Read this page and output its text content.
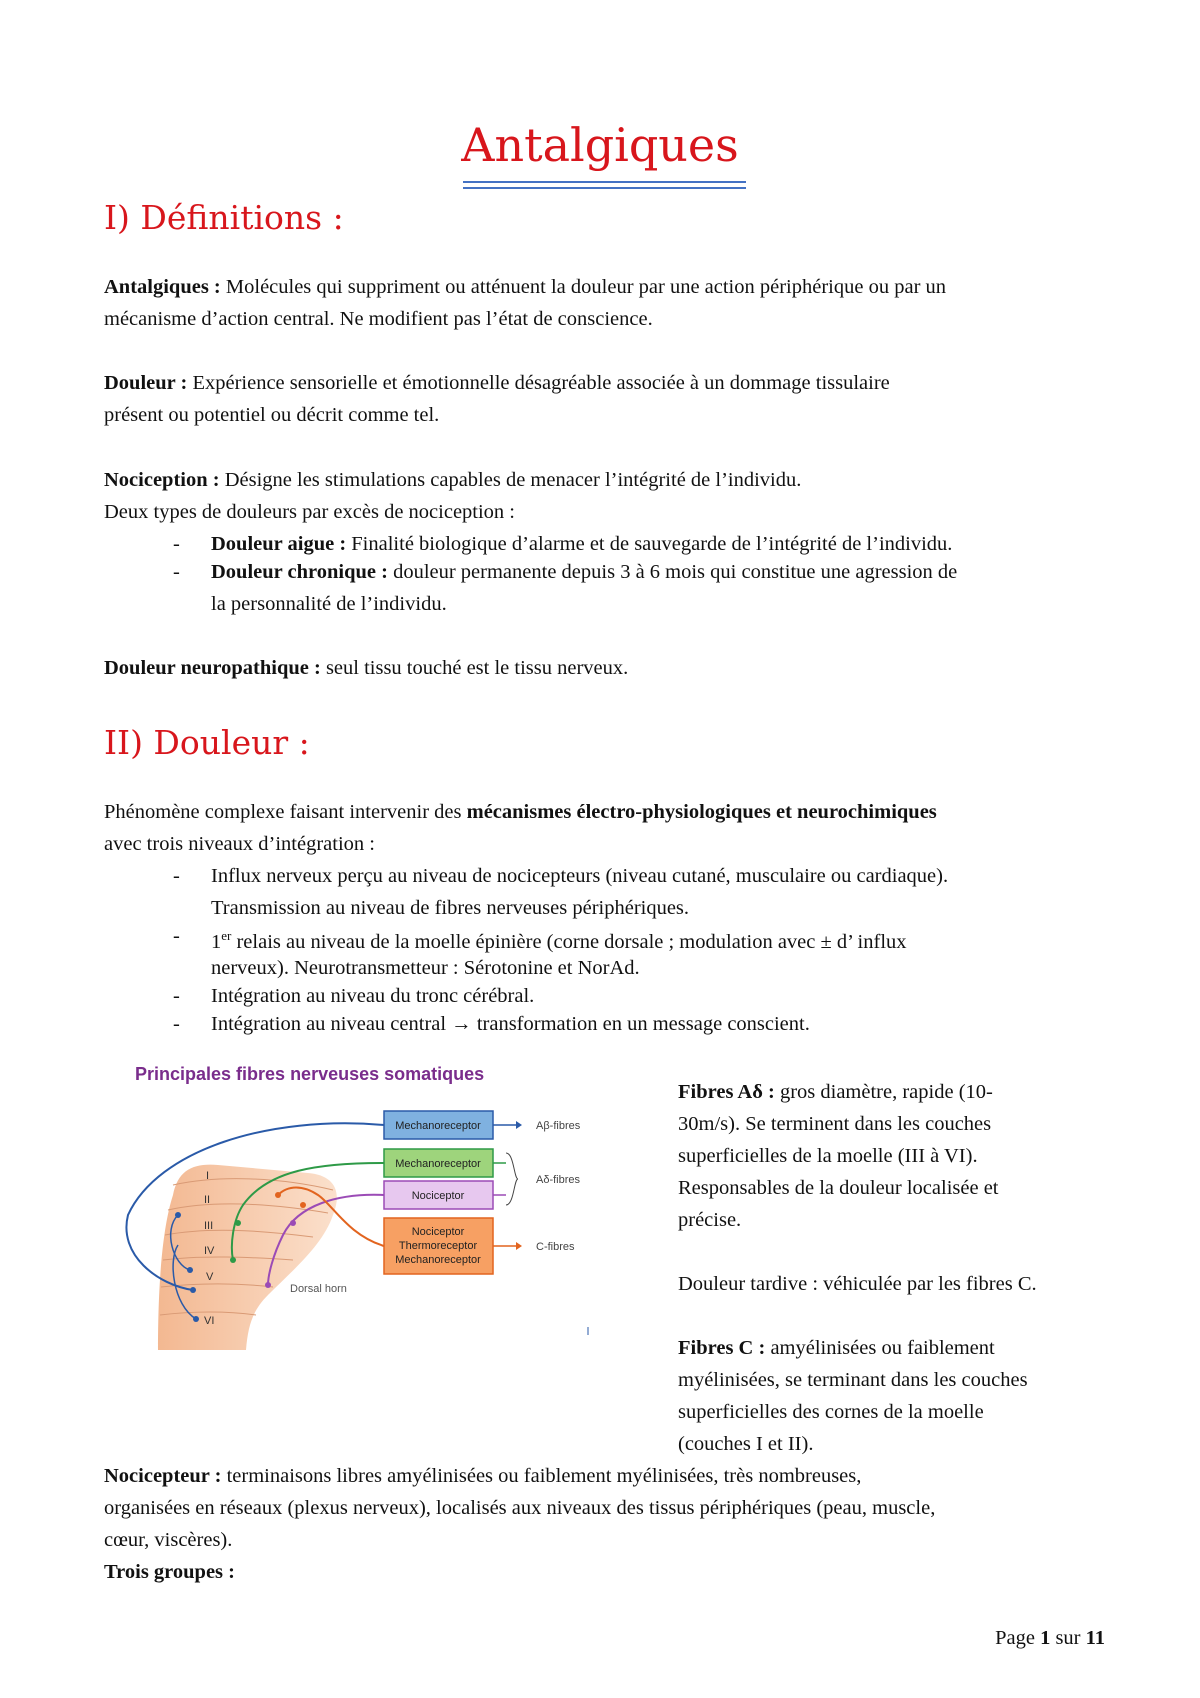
Antalgiques
I) Définitions :

Antalgiques : Molécules qui suppriment ou atténuent la douleur par une action périphérique ou par un

mécanisme d’action central. Ne modifient pas l’état de conscience.

Douleur : Expérience sensorielle et émotionnelle désagréable associée à un dommage tissulaire

présent ou potentiel ou décrit comme tel.

Nociception : Désigne les stimulations capables de menacer l’intégrité de l’individu.

Deux types de douleurs par excès de nociception :

- Douleur aigue : Finalité biologique d’alarme et de sauvegarde de l’intégrité de l’individu.

- Douleur chronique : douleur permanente depuis 3 à 6 mois qui constitue une agression de

la personnalité de l’individu.

Douleur neuropathique : seul tissu touché est le tissu nerveux.

II) Douleur :

Phénomène complexe faisant intervenir des mécanismes électro-physiologiques et neurochimiques

avec trois niveaux d’intégration :

- Influx nerveux perçu au niveau de nocicepteurs (niveau cutané, musculaire ou cardiaque).

Transmission au niveau de fibres nerveuses périphériques.

- 1er relais au niveau de la moelle épinière (corne dorsale ; modulation avec ± d’ influx

nerveux). Neurotransmetteur : Sérotonine et NorAd.

- Intégration au niveau du tronc cérébral.

- Intégration au niveau central → transformation en un message conscient.

Principales fibres nerveuses somatiques
I
II
III
IV
V
VI
Dorsal horn
Mechanoreceptor
Mechanoreceptor
Nociceptor
Nociceptor
Thermoreceptor
Mechanoreceptor
Aβ-fibres
Aδ-fibres
C-fibres

Fibres Aδ : gros diamètre, rapide (10-

30m/s). Se terminent dans les couches

superficielles de la moelle (III à VI).

Responsables de la douleur localisée et

précise.

Douleur tardive : véhiculée par les fibres C.

Fibres C : amyélinisées ou faiblement

myélinisées, se terminant dans les couches

superficielles des cornes de la moelle

(couches I et II).

Nocicepteur : terminaisons libres amyélinisées ou faiblement myélinisées, très nombreuses,

organisées en réseaux (plexus nerveux), localisés aux niveaux des tissus périphériques (peau, muscle,

cœur, viscères).

Trois groupes :

Page 1 sur 11
